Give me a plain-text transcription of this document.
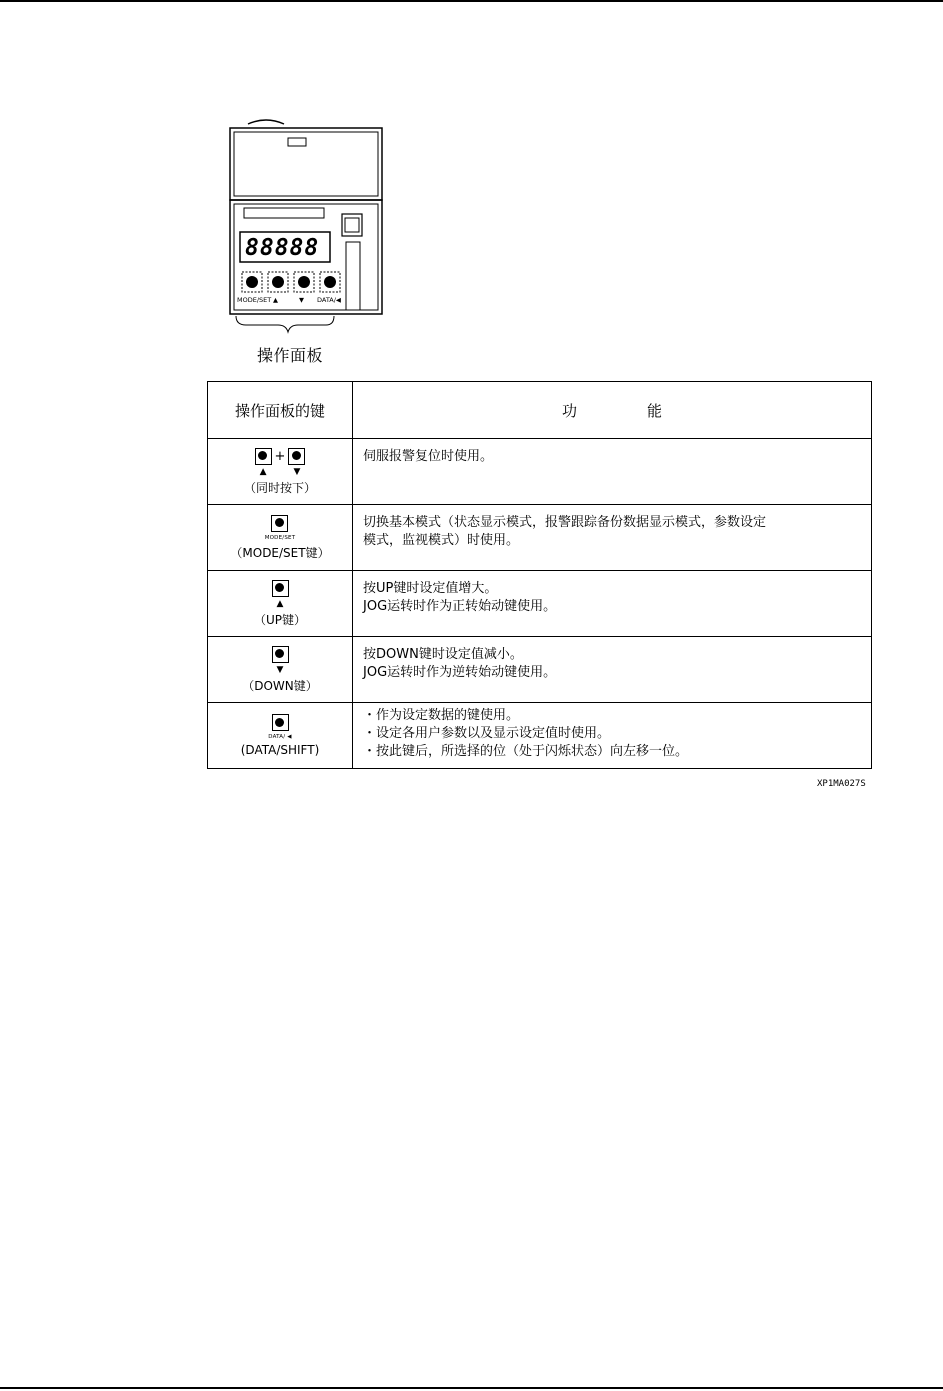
88888
MODE/SET ▲	▼ DATA/◀
操作面板
操作面板的键	功 能

▲
+
▼
（同时按下）	伺服报警复位时使用。

MODE/SET
（MODE/SET键）	切换基本模式（状态显示模式，报警跟踪备份数据显示模式，参数设定
模式，监视模式）时使用。

▲
（UP键）	按UP键时设定值增大。
JOG运转时作为正转始动键使用。

▼
（DOWN键）	按DOWN键时设定值减小。
JOG运转时作为逆转始动键使用。

DATA/ ◀
(DATA/SHIFT)	・作为设定数据的键使用。
・设定各用户参数以及显示设定值时使用。
・按此键后，所选择的位（处于闪烁状态）向左移一位。
XP1MA027S
